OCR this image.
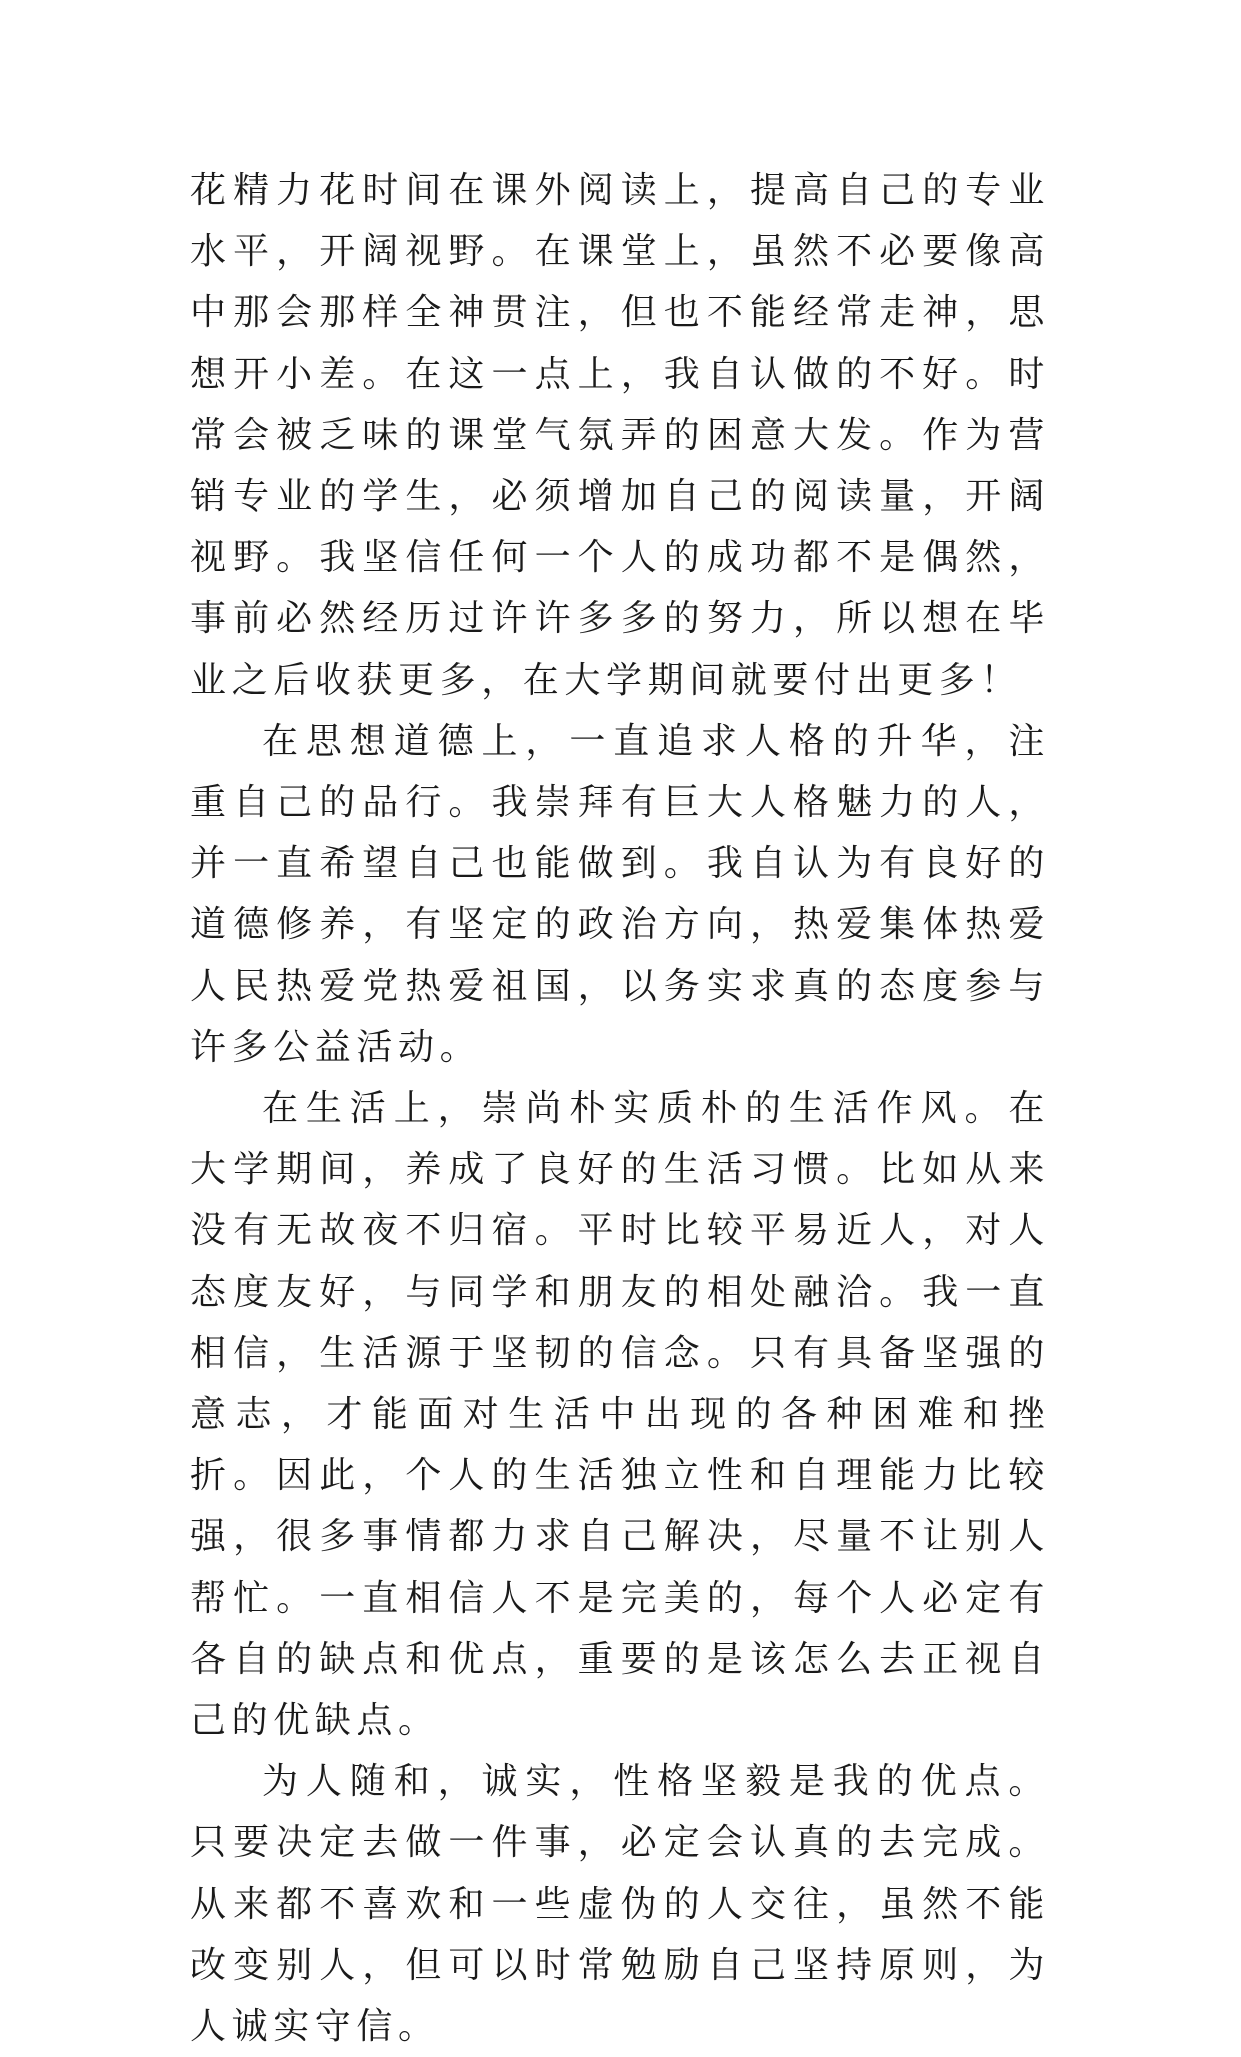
花精力花时间在课外阅读上，提高自己的专业水平，开阔视野。在课堂上，虽然不必要像高中那会那样全神贯注，但也不能经常走神，思想开小差。在这一点上，我自认做的不好。时常会被乏味的课堂气氛弄的困意大发。作为营销专业的学生，必须增加自己的阅读量，开阔视野。我坚信任何一个人的成功都不是偶然，事前必然经历过许许多多的努力，所以想在毕业之后收获更多，在大学期间就要付出更多！

在思想道德上，一直追求人格的升华，注重自己的品行。我崇拜有巨大人格魅力的人，并一直希望自己也能做到。我自认为有良好的道德修养，有坚定的政治方向，热爱集体热爱人民热爱党热爱祖国，以务实求真的态度参与许多公益活动。

在生活上，崇尚朴实质朴的生活作风。在大学期间，养成了良好的生活习惯。比如从来没有无故夜不归宿。平时比较平易近人，对人态度友好，与同学和朋友的相处融洽。我一直相信，生活源于坚韧的信念。只有具备坚强的意志，才能面对生活中出现的各种困难和挫折。因此，个人的生活独立性和自理能力比较强，很多事情都力求自己解决，尽量不让别人帮忙。一直相信人不是完美的，每个人必定有各自的缺点和优点，重要的是该怎么去正视自己的优缺点。

为人随和，诚实，性格坚毅是我的优点。只要决定去做一件事，必定会认真的去完成。从来都不喜欢和一些虚伪的人交往，虽然不能改变别人，但可以时常勉励自己坚持原则，为人诚实守信。
